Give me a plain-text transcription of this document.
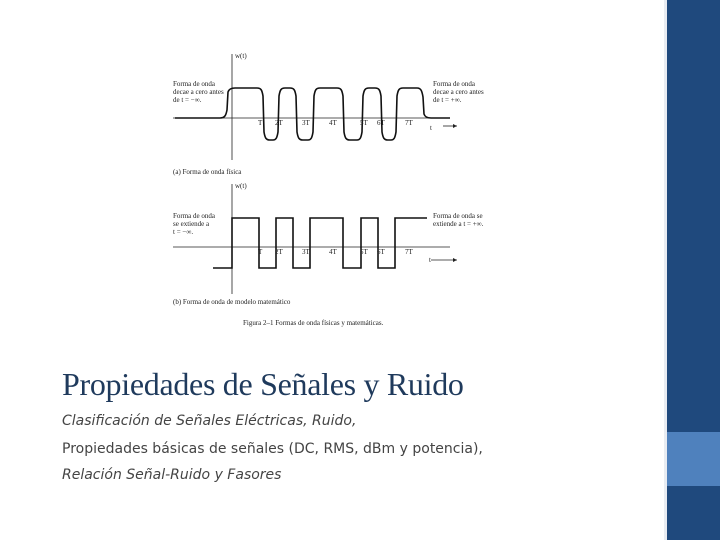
w(t)
Forma de onda
decae a cero antes
de t = −∞.
Forma de onda
decae a cero antes
de t = +∞.
t
T 2T	3T	4T	5T 6T	7T
(a) Forma de onda física
w(t)
Forma de onda
se extiende a
t = −∞.
Forma de onda se
extiende a t = +∞.
t
T 2T	3T	4T	5T 6T	7T
(b) Forma de onda de modelo matemático
Figura 2–1 Formas de onda físicas y matemáticas.
Propiedades de Señales y Ruido
Clasificación de Señales Eléctricas, Ruido,
Propiedades básicas de señales (DC, RMS, dBm y potencia),
Relación Señal-Ruido y Fasores
